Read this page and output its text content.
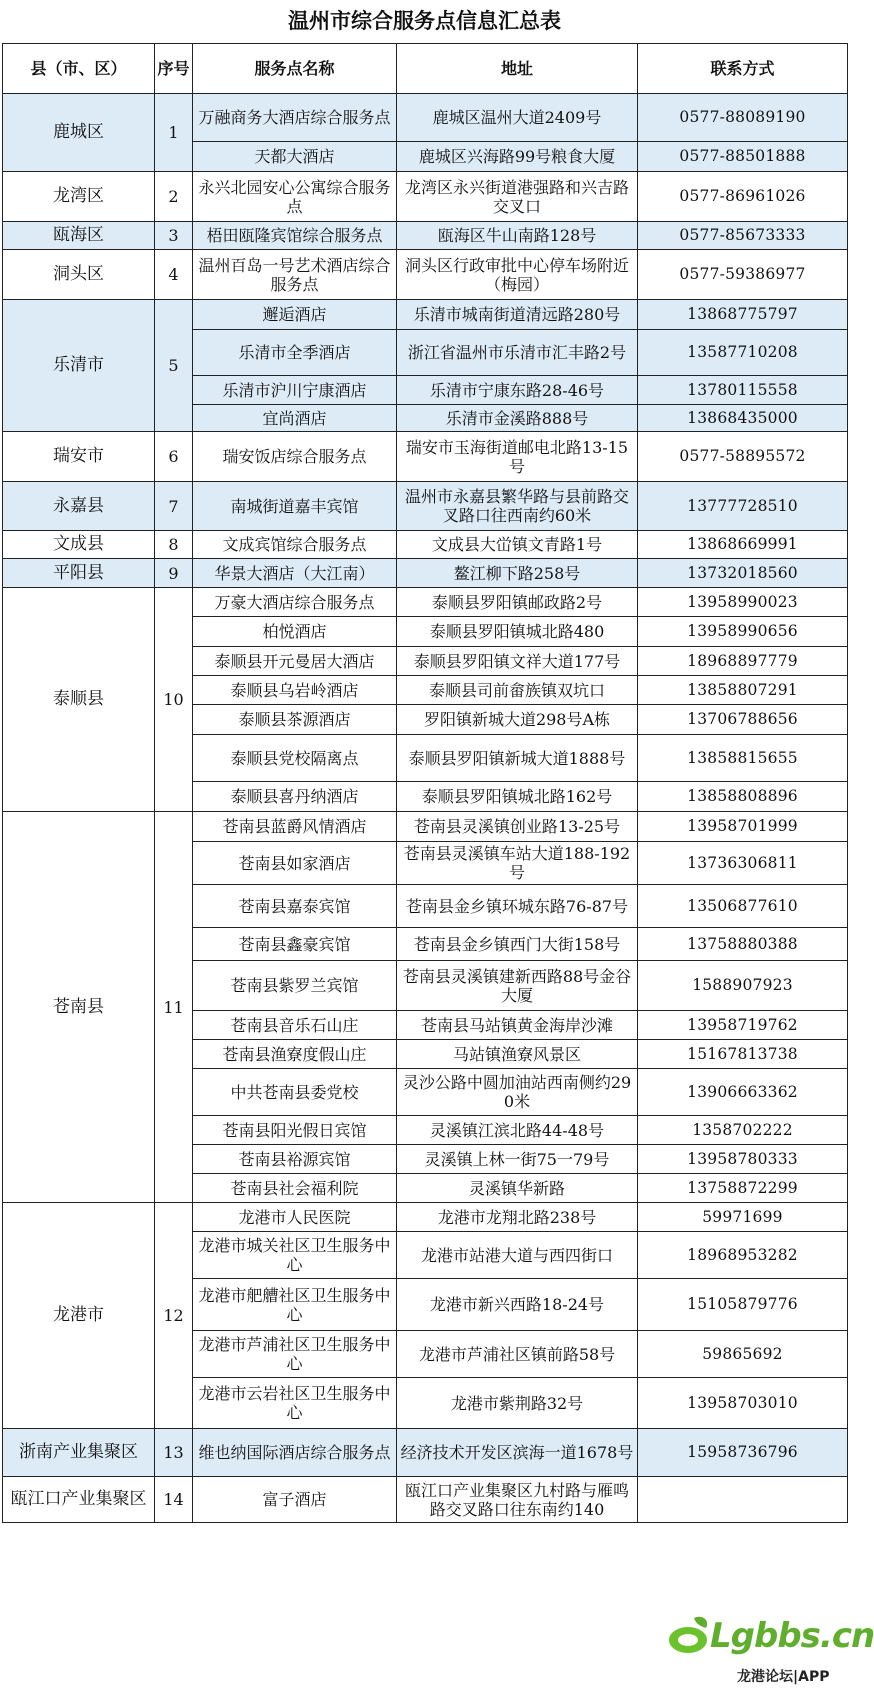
温州市综合服务点信息汇总表
县（市、区）	序号	服务点名称	地址	联系方式
鹿城区	1	万融商务大酒店综合服务点	鹿城区温州大道2409号	0577-88089190
		天都大酒店	鹿城区兴海路99号粮食大厦	0577-88501888
龙湾区	2	永兴北园安心公寓综合服务点	龙湾区永兴街道港强路和兴吉路交叉口	0577-86961026
瓯海区	3	梧田瓯隆宾馆综合服务点	瓯海区牛山南路128号	0577-85673333
洞头区	4	温州百岛一号艺术酒店综合服务点	洞头区行政审批中心停车场附近（梅园）	0577-59386977
乐清市	5	邂逅酒店	乐清市城南街道清远路280号	13868775797
		乐清市全季酒店	浙江省温州市乐清市汇丰路2号	13587710208
		乐清市沪川宁康酒店	乐清市宁康东路28-46号	13780115558
		宜尚酒店	乐清市金溪路888号	13868435000
瑞安市	6	瑞安饭店综合服务点	瑞安市玉海街道邮电北路13-15号	0577-58895572
永嘉县	7	南城街道嘉丰宾馆	温州市永嘉县繁华路与县前路交叉路口往西南约60米	13777728510
文成县	8	文成宾馆综合服务点	文成县大峃镇文青路1号	13868669991
平阳县	9	华景大酒店（大江南）	鳌江柳下路258号	13732018560
泰顺县	10	万豪大酒店综合服务点	泰顺县罗阳镇邮政路2号	13958990023
		柏悦酒店	泰顺县罗阳镇城北路480	13958990656
		泰顺县开元曼居大酒店	泰顺县罗阳镇文祥大道177号	18968897779
		泰顺县乌岩岭酒店	泰顺县司前畲族镇双坑口	13858807291
		泰顺县茶源酒店	罗阳镇新城大道298号A栋	13706788656
		泰顺县党校隔离点	泰顺县罗阳镇新城大道1888号	13858815655
		泰顺县喜丹纳酒店	泰顺县罗阳镇城北路162号	13858808896
苍南县	11	苍南县蓝爵风情酒店	苍南县灵溪镇创业路13-25号	13958701999
		苍南县如家酒店	苍南县灵溪镇车站大道188-192号	13736306811
		苍南县嘉泰宾馆	苍南县金乡镇环城东路76-87号	13506877610
		苍南县鑫豪宾馆	苍南县金乡镇西门大街158号	13758880388
		苍南县紫罗兰宾馆	苍南县灵溪镇建新西路88号金谷大厦	1588907923
		苍南县音乐石山庄	苍南县马站镇黄金海岸沙滩	13958719762
		苍南县渔寮度假山庄	马站镇渔寮风景区	15167813738
		中共苍南县委党校	灵沙公路中圆加油站西南侧约290米	13906663362
		苍南县阳光假日宾馆	灵溪镇江滨北路44-48号	1358702222
		苍南县裕源宾馆	灵溪镇上林一街75一79号	13958780333
		苍南县社会福利院	灵溪镇华新路	13758872299
龙港市	12	龙港市人民医院	龙港市龙翔北路238号	59971699
		龙港市城关社区卫生服务中心	龙港市站港大道与西四街口	18968953282
		龙港市舥艚社区卫生服务中心	龙港市新兴西路18-24号	15105879776
		龙港市芦浦社区卫生服务中心	龙港市芦浦社区镇前路58号	59865692
		龙港市云岩社区卫生服务中心	龙港市紫荆路32号	13958703010
浙南产业集聚区	13	维也纳国际酒店综合服务点	经济技术开发区滨海一道1678号	15958736796
瓯江口产业集聚区	14	富子酒店	瓯江口产业集聚区九村路与雁鸣路交叉路口往东南约140	
Lgbbs.cn
龙港论坛|APP
